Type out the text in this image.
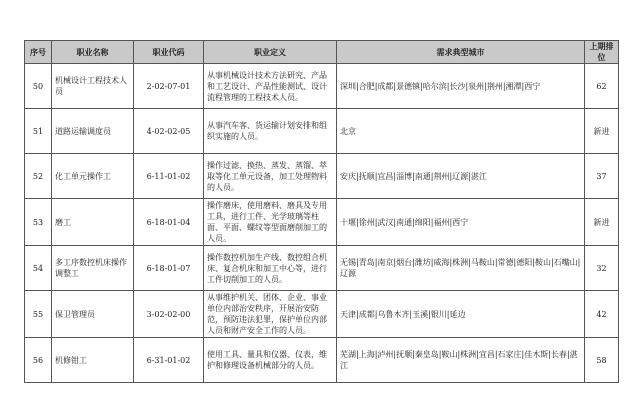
序号	职业名称	职业代码	职业定义	需求典型城市	上期排位
50	机械设计工程技术人员	2-02-07-01	从事机械设计技术方法研究、产品和工艺设计、产品性能测试、设计流程管理的工程技术人员。	深圳|合肥|成都|景德镇|哈尔滨|长沙|泉州|荆州|湘潭|西宁	62
51	道路运输调度员	4-02-02-05	从事汽车客、货运输计划安排和组织实施的人员。	北京	新进
52	化工单元操作工	6-11-01-02	操作过滤、换热、蒸发、蒸馏、萃取等化工单元设备，加工处理物料的人员。	安庆|抚顺|宜昌|淄博|南通|荆州|辽源|湛江	37
53	磨工	6-18-01-04	操作磨床，使用磨料、磨具及专用工具，进行工件、光学玻璃等柱面、平面、螺纹等型面磨削加工的人员。	十堰|徐州|武汉|南通|绵阳|福州|西宁	新进
54	多工序数控机床操作调整工	6-18-01-07	操作数控机加生产线、数控组合机床、复合机床和加工中心等，进行工件切削加工的人员。	无锡|青岛|南京|烟台|潍坊|威海|株洲|马鞍山|常德|德阳|鞍山|石嘴山|辽源	32
55	保卫管理员	3-02-02-00	从事维护机关、团体、企业、事业单位内部治安秩序，开展治安防范，预防违法犯罪，保护单位内部人员和财产安全工作的人员。	天津|成都|乌鲁木齐|玉溪|银川|延边	42
56	机修钳工	6-31-01-02	使用工具、量具和仪器、仪表，维护和修理设备机械部分的人员。	芜湖|上海|泸州|抚顺|秦皇岛|鞍山|株洲|宜昌|石家庄|佳木斯|长春|湛江	58
